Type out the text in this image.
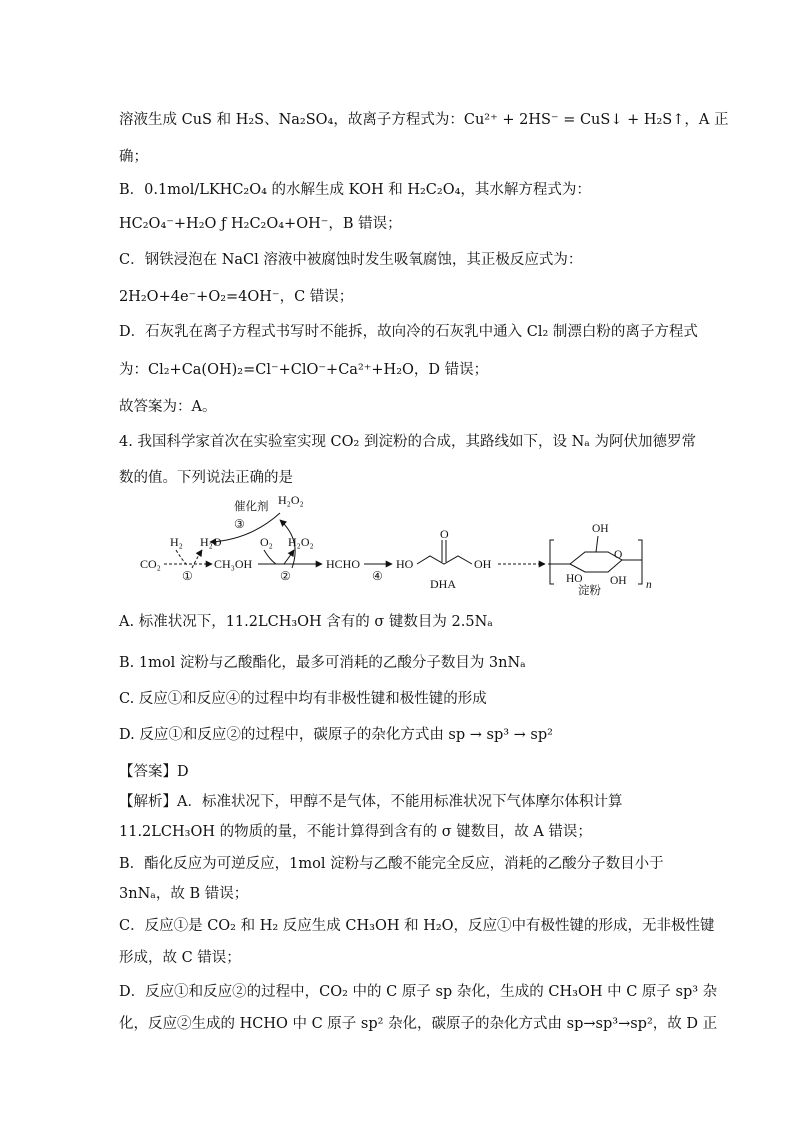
溶液生成 CuS 和 H₂S、Na₂SO₄，故离子方程式为：Cu²⁺ + 2HS⁻ = CuS↓ + H₂S↑，A 正
确；
B．0.1mol/LKHC₂O₄ 的水解生成 KOH 和 H₂C₂O₄，其水解方程式为：
HC₂O₄⁻+H₂O ƒ H₂C₂O₄+OH⁻，B 错误；
C．钢铁浸泡在 NaCl 溶液中被腐蚀时发生吸氧腐蚀，其正极反应式为：
2H₂O+4e⁻+O₂=4OH⁻，C 错误；
D．石灰乳在离子方程式书写时不能拆，故向冷的石灰乳中通入 Cl₂ 制漂白粉的离子方程式
为：Cl₂+Ca(OH)₂=Cl⁻+ClO⁻+Ca²⁺+H₂O，D 错误；
故答案为：A。
4. 我国科学家首次在实验室实现 CO₂ 到淀粉的合成，其路线如下，设 Nₐ 为阿伏加德罗常
数的值。下列说法正确的是
催化剂 H₂O₂
③
H₂ H₂O
CO₂
①
CH₃OH
O₂ H₂O₂
②
HCHO
④
HO
O
OH
DHA
OH
O
HO OH n
淀粉
A. 标准状况下，11.2LCH₃OH 含有的 σ 键数目为 2.5Nₐ
B. 1mol 淀粉与乙酸酯化，最多可消耗的乙酸分子数目为 3nNₐ
C. 反应①和反应④的过程中均有非极性键和极性键的形成
D. 反应①和反应②的过程中，碳原子的杂化方式由 sp → sp³ → sp²
【答案】D
【解析】A．标准状况下，甲醇不是气体，不能用标准状况下气体摩尔体积计算
11.2LCH₃OH 的物质的量，不能计算得到含有的 σ 键数目，故 A 错误；
B．酯化反应为可逆反应，1mol 淀粉与乙酸不能完全反应，消耗的乙酸分子数目小于
3nNₐ，故 B 错误；
C．反应①是 CO₂ 和 H₂ 反应生成 CH₃OH 和 H₂O，反应①中有极性键的形成，无非极性键
形成，故 C 错误；
D．反应①和反应②的过程中，CO₂ 中的 C 原子 sp 杂化，生成的 CH₃OH 中 C 原子 sp³ 杂
化，反应②生成的 HCHO 中 C 原子 sp² 杂化，碳原子的杂化方式由 sp→sp³→sp²，故 D 正
